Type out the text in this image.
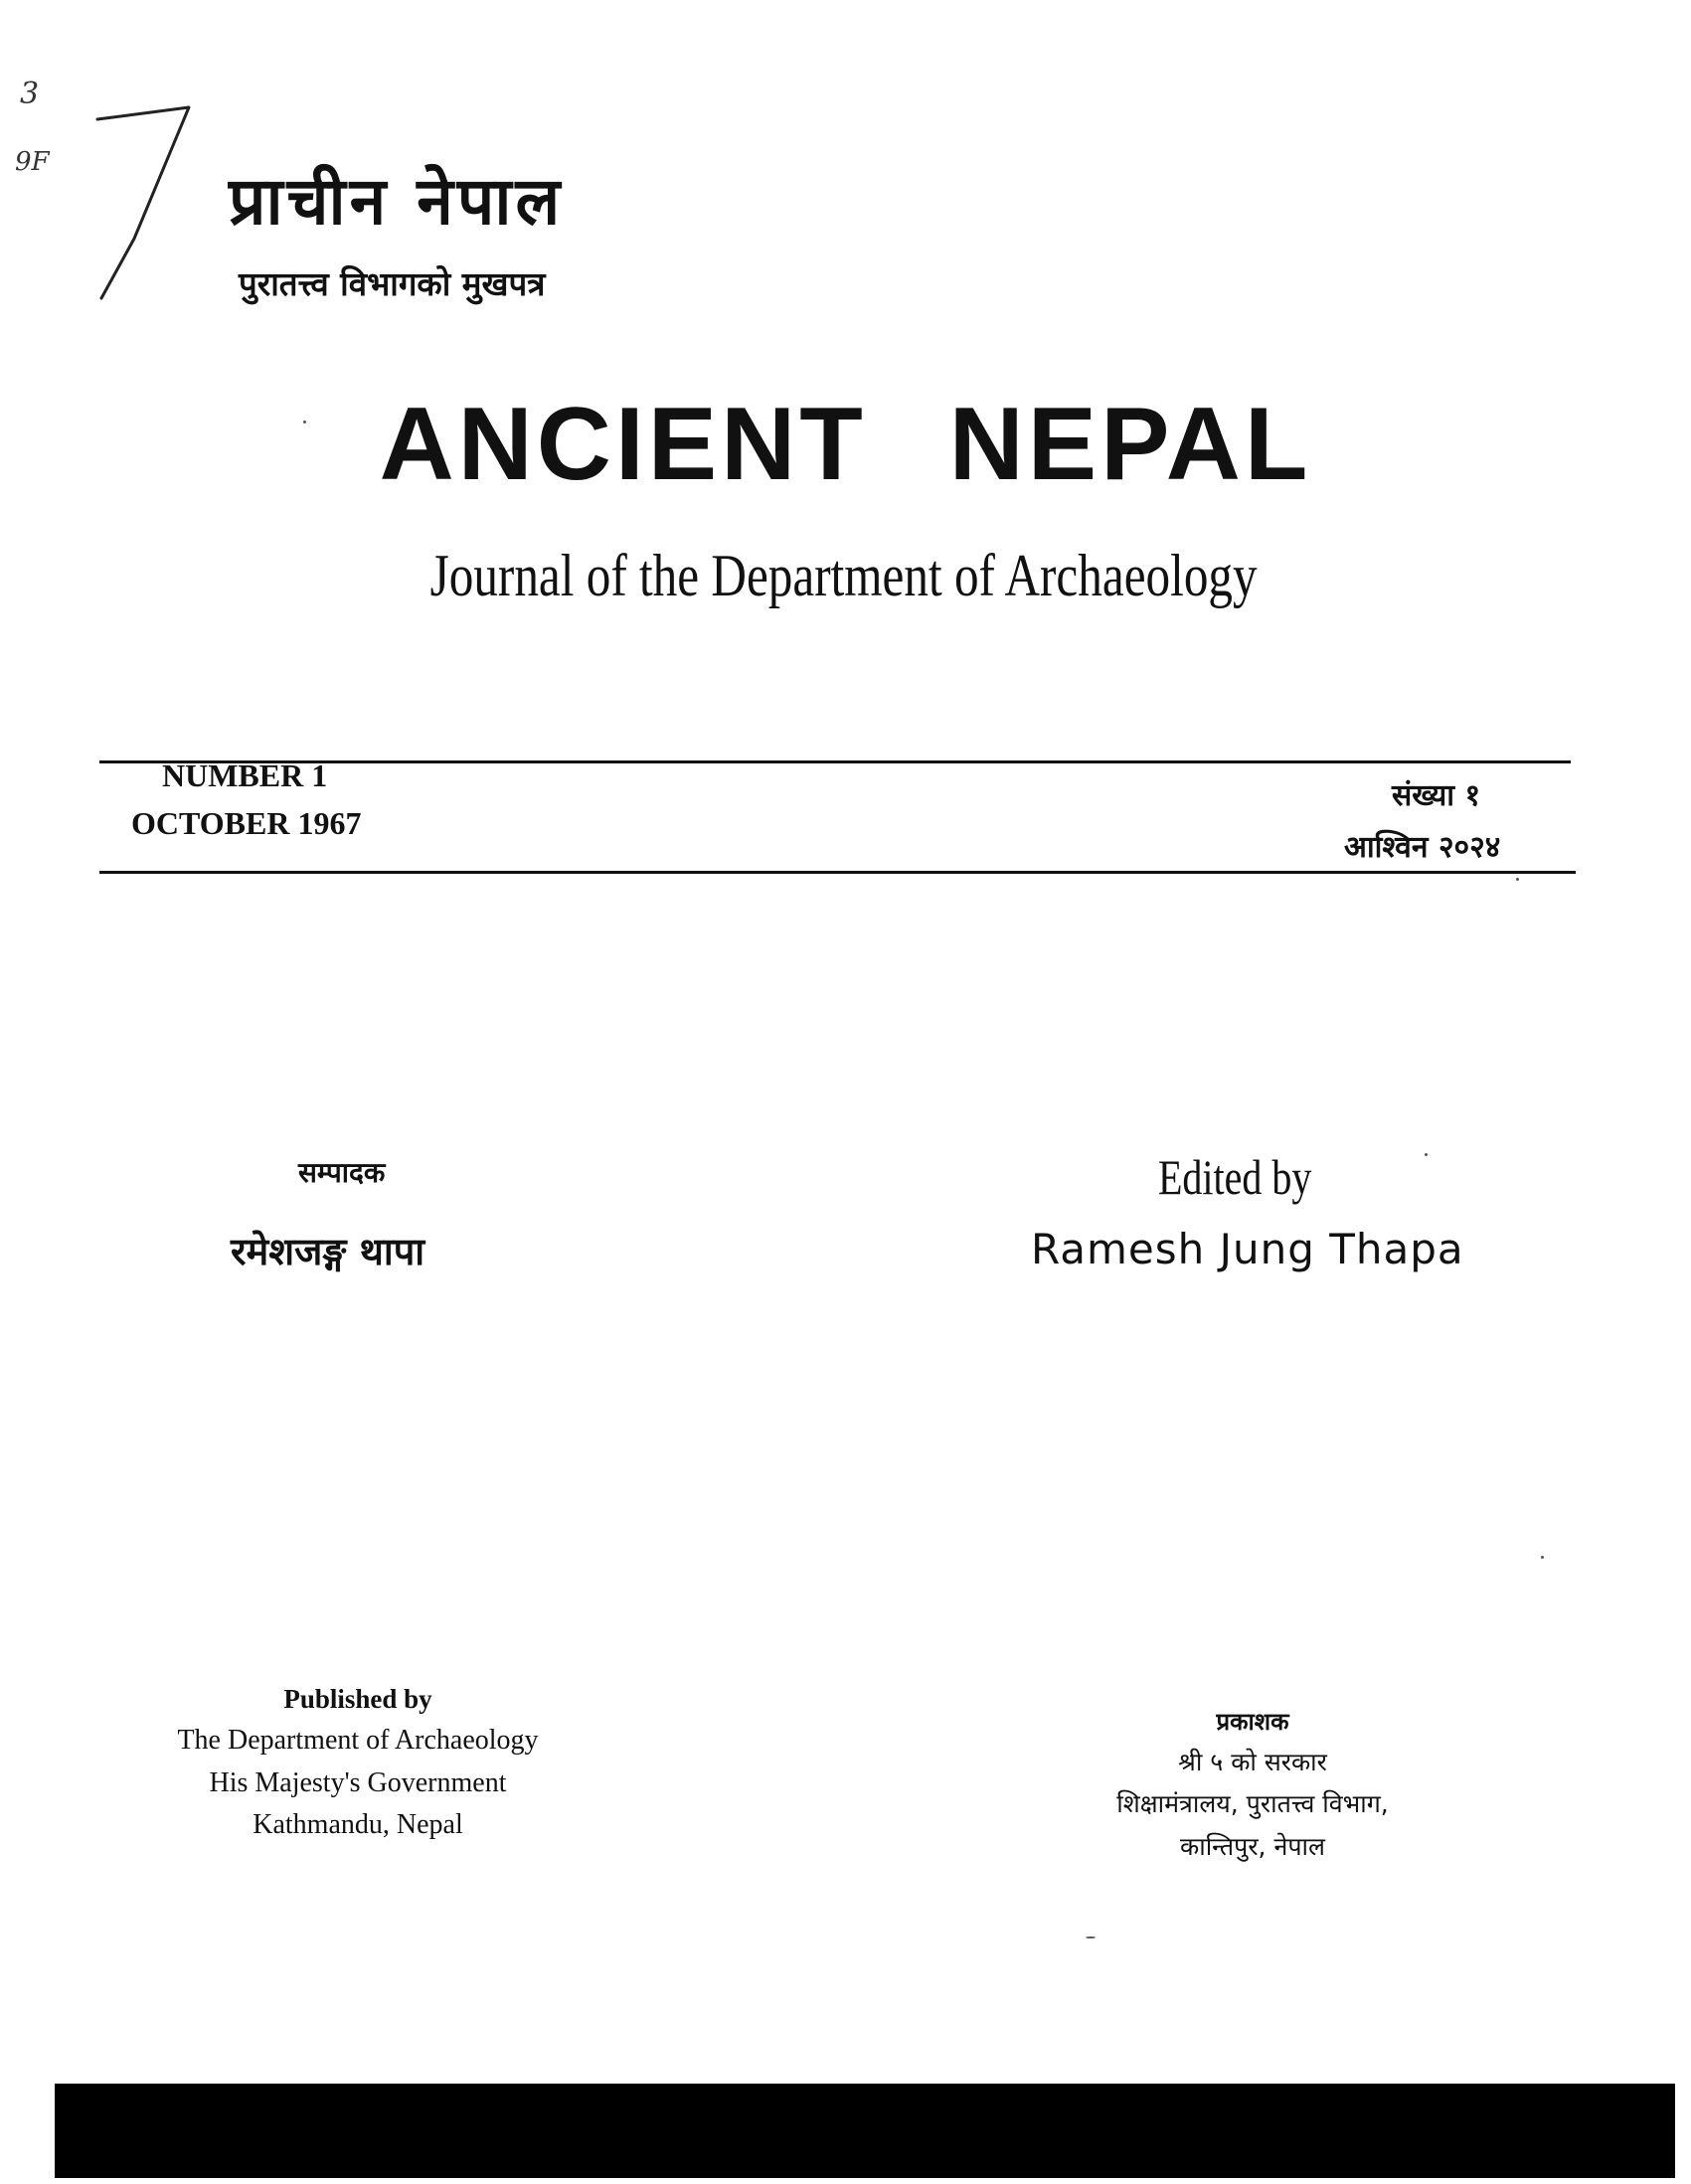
3
9F
प्राचीन नेपाल
पुरातत्त्व विभागको मुखपत्र
ANCIENT NEPAL
Journal of the Department of Archaeology
NUMBER 1
OCTOBER 1967
संख्या १
आश्विन २०२४
सम्पादक
रमेशजङ्ग थापा
Edited by
Ramesh Jung Thapa
Published by
The Department of Archaeology
His Majesty's Government
Kathmandu, Nepal
प्रकाशक
श्री ५ को सरकार
शिक्षामंत्रालय, पुरातत्त्व विभाग,
कान्तिपुर, नेपाल
